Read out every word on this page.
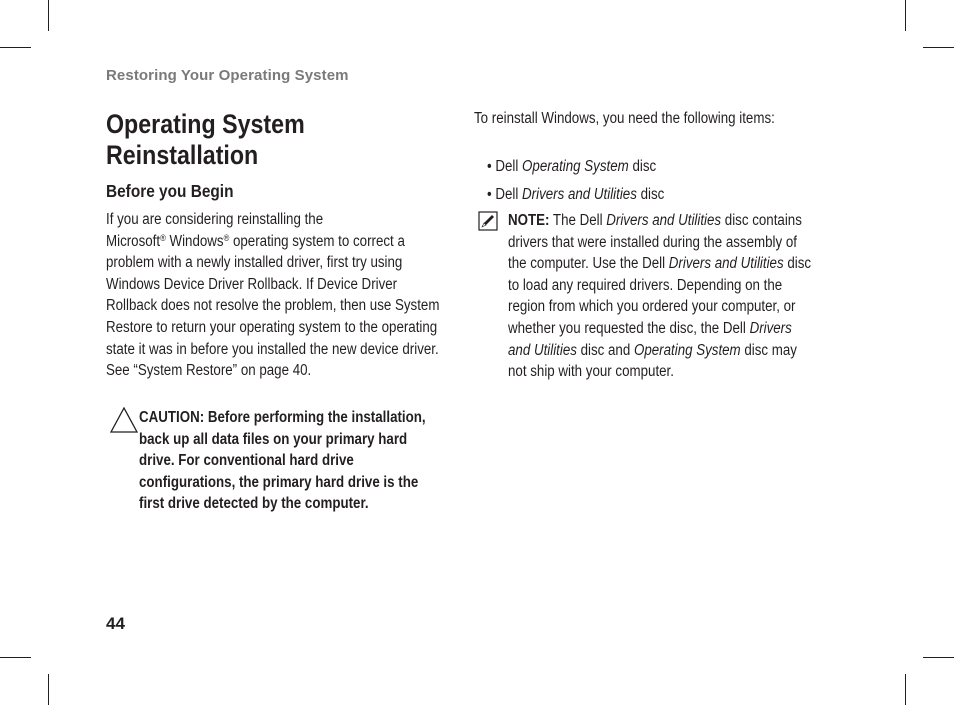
Restoring Your Operating System
Operating System Reinstallation
Before you Begin
If you are considering reinstalling the
Microsoft® Windows® operating system to correct a problem with a newly installed driver, first try using Windows Device Driver Rollback. If Device Driver Rollback does not resolve the problem, then use System Restore to return your operating system to the operating state it was in before you installed the new device driver. See “System Restore” on page 40.
CAUTION: Before performing the installation, back up all data files on your primary hard drive. For conventional hard drive configurations, the primary hard drive is the first drive detected by the computer.
To reinstall Windows, you need the following items:
• Dell Operating System disc
• Dell Drivers and Utilities disc
NOTE: The Dell Drivers and Utilities disc contains drivers that were installed during the assembly of the computer. Use the Dell Drivers and Utilities disc to load any required drivers. Depending on the region from which you ordered your computer, or whether you requested the disc, the Dell Drivers and Utilities disc and Operating System disc may not ship with your computer.
44
